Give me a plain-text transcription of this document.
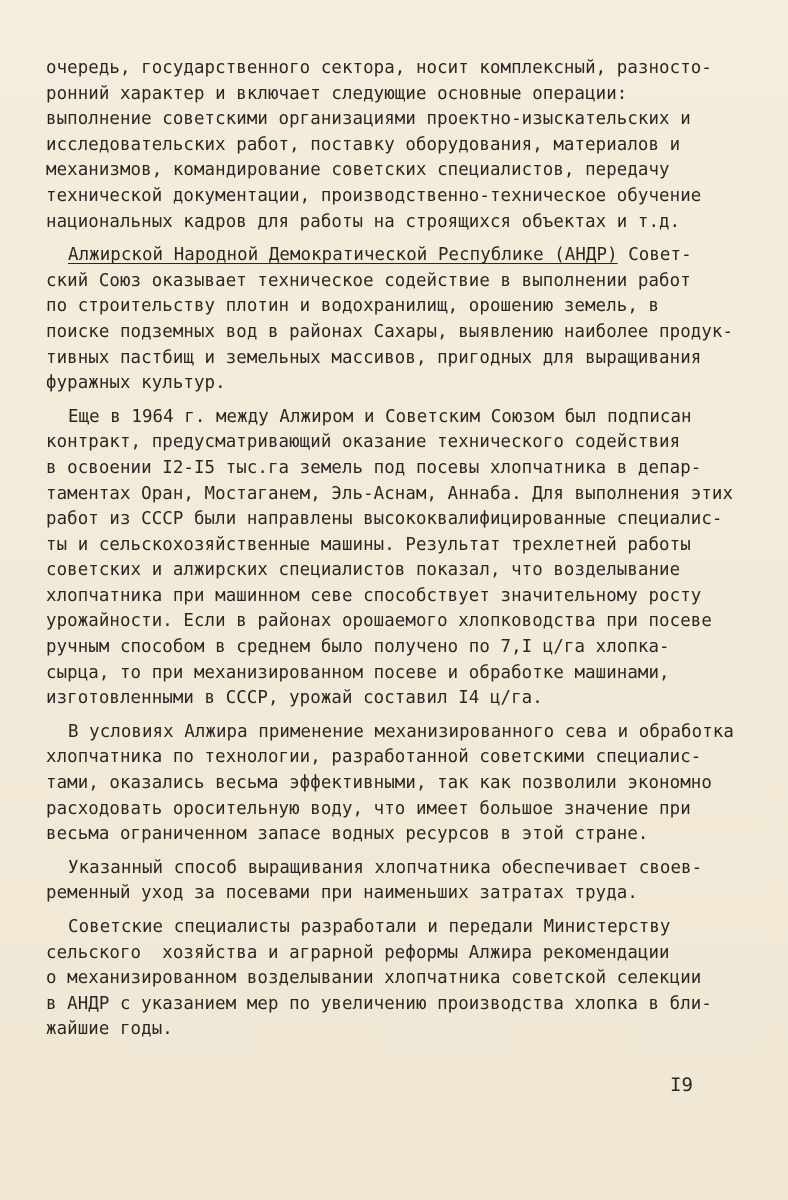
очередь, государственного сектора, носит комплексный, разносто-
ронний характер и включает следующие основные операции:
выполнение советскими организациями проектно-изыскательских и
исследовательских работ, поставку оборудования, материалов и
механизмов, командирование советских специалистов, передачу
технической документации, производственно-техническое обучение
национальных кадров для работы на строящихся объектах и т.д.
Алжирской Народной Демократической Республике (АНДР) Совет-
ский Союз оказывает техническое содействие в выполнении работ
по строительству плотин и водохранилищ, орошению земель, в
поиске подземных вод в районах Сахары, выявлению наиболее продук-
тивных пастбищ и земельных массивов, пригодных для выращивания
фуражных культур.
Еще в 1964 г. между Алжиром и Советским Союзом был подписан
контракт, предусматривающий оказание технического содействия
в освоении I2-I5 тыс.га земель под посевы хлопчатника в депар-
таментах Оран, Мостаганем, Эль-Аснам, Аннаба. Для выполнения этих
работ из СССР были направлены высококвалифицированные специалис-
ты и сельскохозяйственные машины. Результат трехлетней работы
советских и алжирских специалистов показал, что возделывание
хлопчатника при машинном севе способствует значительному росту
урожайности. Если в районах орошаемого хлопководства при посеве
ручным способом в среднем было получено по 7,I ц/га хлопка-
сырца, то при механизированном посеве и обработке машинами,
изготовленными в СССР, урожай составил I4 ц/га.
В условиях Алжира применение механизированного сева и обработка
хлопчатника по технологии, разработанной советскими специалис-
тами, оказались весьма эффективными, так как позволили экономно
расходовать оросительную воду, что имеет большое значение при
весьма ограниченном запасе водных ресурсов в этой стране.
Указанный способ выращивания хлопчатника обеспечивает своев-
ременный уход за посевами при наименьших затратах труда.
Советские специалисты разработали и передали Министерству
сельского  хозяйства и аграрной реформы Алжира рекомендации
о механизированном возделывании хлопчатника советской селекции
в АНДР с указанием мер по увеличению производства хлопка в бли-
жайшие годы.
I9
